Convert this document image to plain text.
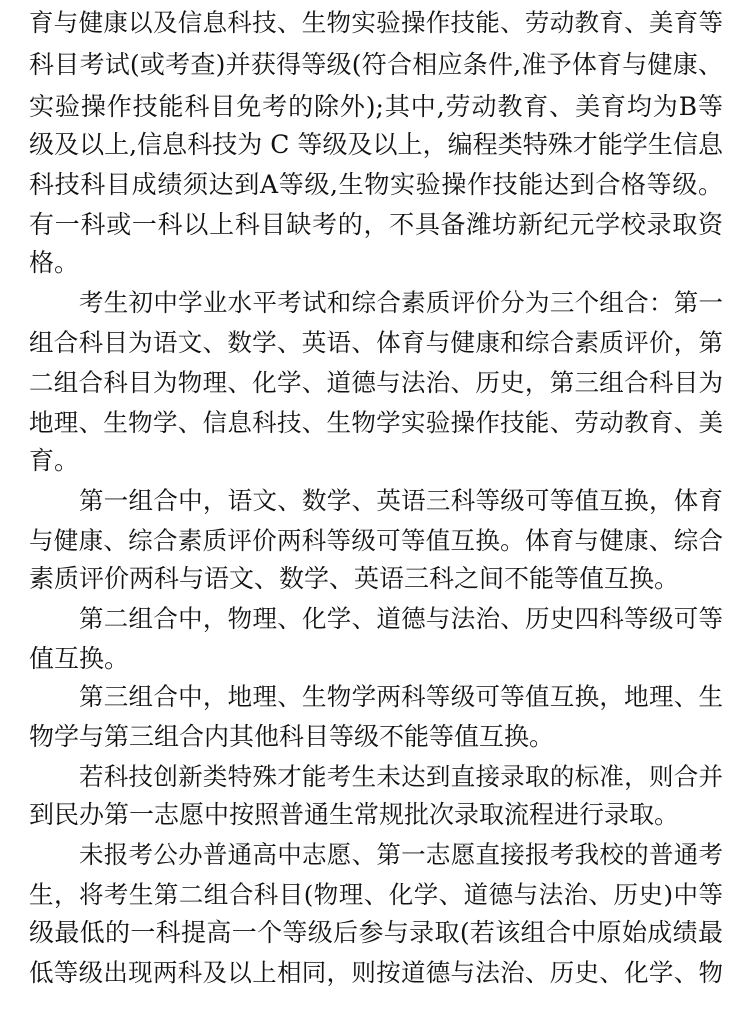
育与健康以及信息科技、生物实验操作技能、劳动教育、美育等
科目考试(或考查)并获得等级(符合相应条件,准予体育与健康、
实验操作技能科目免考的除外);其中,劳动教育、美育均为B等
级及以上,信息科技为 C 等级及以上，编程类特殊才能学生信息
科技科目成绩须达到A等级,生物实验操作技能达到合格等级。
有一科或一科以上科目缺考的，不具备潍坊新纪元学校录取资
格。
考生初中学业水平考试和综合素质评价分为三个组合：第一
组合科目为语文、数学、英语、体育与健康和综合素质评价，第
二组合科目为物理、化学、道德与法治、历史，第三组合科目为
地理、生物学、信息科技、生物学实验操作技能、劳动教育、美
育。
第一组合中，语文、数学、英语三科等级可等值互换，体育
与健康、综合素质评价两科等级可等值互换。体育与健康、综合
素质评价两科与语文、数学、英语三科之间不能等值互换。
第二组合中，物理、化学、道德与法治、历史四科等级可等
值互换。
第三组合中，地理、生物学两科等级可等值互换，地理、生
物学与第三组合内其他科目等级不能等值互换。
若科技创新类特殊才能考生未达到直接录取的标准，则合并
到民办第一志愿中按照普通生常规批次录取流程进行录取。
未报考公办普通高中志愿、第一志愿直接报考我校的普通考
生，将考生第二组合科目(物理、化学、道德与法治、历史)中等
级最低的一科提高一个等级后参与录取(若该组合中原始成绩最
低等级出现两科及以上相同，则按道德与法治、历史、化学、物
